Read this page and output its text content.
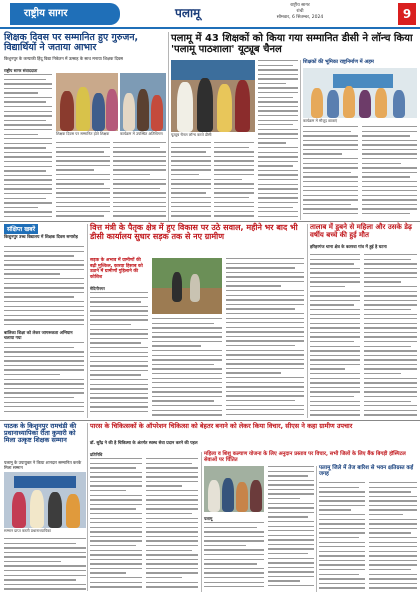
राष्ट्रीय सागर	पलामू
राष्ट्रीय सागर
रांची
सोमवार, 6 सितम्बर, 2024	9
शिक्षक दिवस पर सम्मानित हुए गुरुजन, विद्यार्थियों ने जताया आभार
किशुनपुर के कन्याकी हिंदू विद्या निकेतन में उत्साह के साथ मनाया शिक्षक दिवस
राष्ट्रीय सागर संवाददाता
शिक्षक दिवस पर सम्मानित होते शिक्षक	कार्यक्रम में उपस्थित अतिथिगण
पलामू में 43 शिक्षकों को किया गया सम्मानित डीसी ने लॉन्च किया 'पलामू पाठशाला' यूट्यूब चैनल
यूट्यूब चैनल लॉन्च करते डीसी
शिक्षकों की भूमिका राष्ट्रनिर्माण में अहम
कार्यक्रम में मौजूद छात्राएं
संक्षिप्त खबरें
किशुनपुर उच्च विद्यालय में शिक्षक दिवस समारोह
बालिका शिक्षा को लेकर जागरूकता अभियान चलाया गया
वित्त मंत्री के पैतृक क्षेत्र में हुए विकास पर उठे सवाल, महीने भर बाद भी डीसी कार्यालय सुधार सड़क तक से नए ग्रामीण
सड़क के अभाव में ग्रामीणों की बढ़ी मुश्किल, कारवा हिसाब को उठाने में ग्रामीणों गुहिलाने की कोशिश
मेदिनीनगर
तालाब में डूबने से महिला और उसके डेढ़ वर्षीय बच्चे की हुई मौत
हरिहरगंज थाना क्षेत्र के कतरवा गांव में हुई है घटना
पारस के चिकित्सकों के ऑपरेशन चिकित्सा को बेहतर बनाने को लेकर किया विचार, सीएस ने कहा ग्रामीण उपचार
डॉ. सुरेंद्र ने की है चिकित्सा के अंतर्गत स्वस्थ सेवा प्रदान करने की पहल
पाठक के किशुनपुर रामचंडी की प्रधानाध्यापिका रीता कुमारी को मिला उत्कृष्ट शिक्षक सम्मान
पलामू के उपायुक्त ने किया शानदार सम्मानित करके मिला सम्मान
सम्मान प्राप्त करती प्रधानाध्यापिका
प्रतिनिधि	महिला व शिशु कल्याण योजना के लिए अनुदान प्रस्ताव पर विचार, सभी जिलों के लिए बैंक बिगड़ी हॉस्पिटल सेवाओं पर चिंतित
पलामू
पलामू जिले में तेज बारिश से भवन क्षतिग्रस्त कई जगह
